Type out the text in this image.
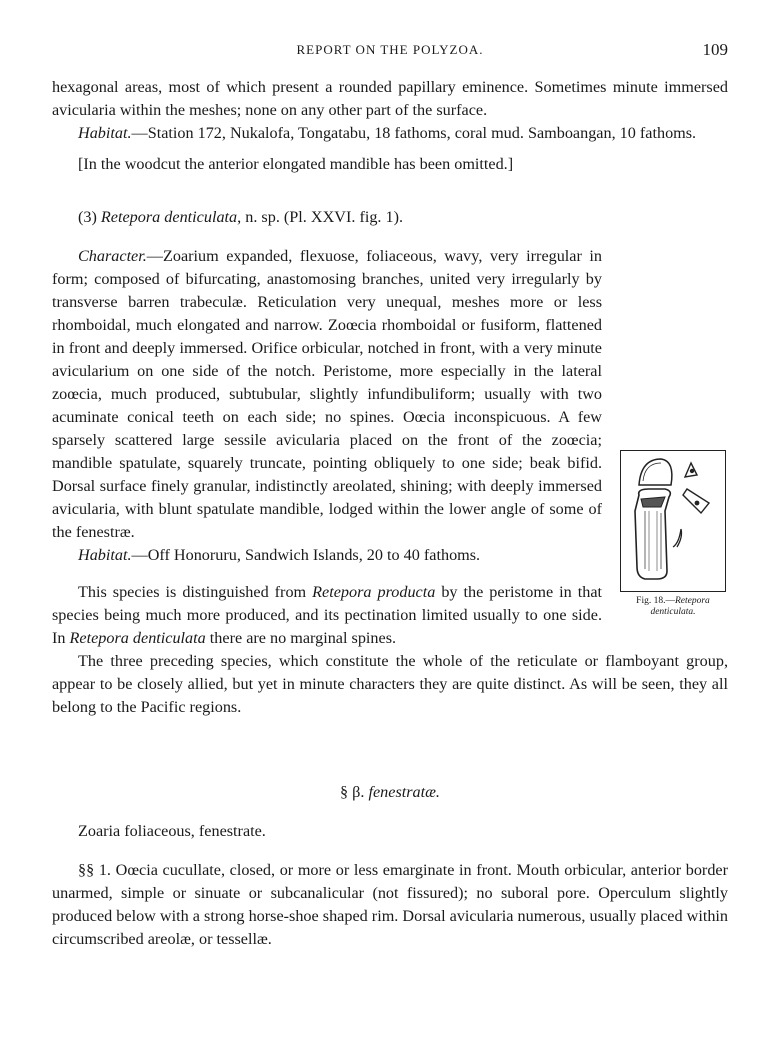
REPORT ON THE POLYZOA.	109

hexagonal areas, most of which present a rounded papillary eminence. Sometimes minute immersed avicularia within the meshes; none on any other part of the surface.

Habitat.—Station 172, Nukalofa, Tongatabu, 18 fathoms, coral mud. Samboangan, 10 fathoms.

[In the woodcut the anterior elongated mandible has been omitted.]

(3) Retepora denticulata, n. sp. (Pl. XXVI. fig. 1).

Fig. 18.—Retepora denticulata.

Character.—Zoarium expanded, flexuose, foliaceous, wavy, very irregular in form; composed of bifurcating, anastomosing branches, united very irregularly by transverse barren trabeculæ. Reticulation very unequal, meshes more or less rhomboidal, much elongated and narrow. Zoœcia rhomboidal or fusiform, flattened in front and deeply immersed. Orifice orbicular, notched in front, with a very minute avicularium on one side of the notch. Peristome, more especially in the lateral zoœcia, much produced, subtubular, slightly infundibuliform; usually with two acuminate conical teeth on each side; no spines. Oœcia inconspicuous. A few sparsely scattered large sessile avicularia placed on the front of the zoœcia; mandible spatulate, squarely truncate, pointing obliquely to one side; beak bifid. Dorsal surface finely granular, indistinctly areolated, shining; with deeply immersed avicularia, with blunt spatulate mandible, lodged within the lower angle of some of the fenestræ.

Habitat.—Off Honoruru, Sandwich Islands, 20 to 40 fathoms.

This species is distinguished from Retepora producta by the peristome in that species being much more produced, and its pectination limited usually to one side. In Retepora denticulata there are no marginal spines.

The three preceding species, which constitute the whole of the reticulate or flamboyant group, appear to be closely allied, but yet in minute characters they are quite distinct. As will be seen, they all belong to the Pacific regions.

§ β. fenestratæ.

Zoaria foliaceous, fenestrate.

§§ 1. Oœcia cucullate, closed, or more or less emarginate in front. Mouth orbicular, anterior border unarmed, simple or sinuate or subcanalicular (not fissured); no suboral pore. Operculum slightly produced below with a strong horse-shoe shaped rim. Dorsal avicularia numerous, usually placed within circumscribed areolæ, or tessellæ.
